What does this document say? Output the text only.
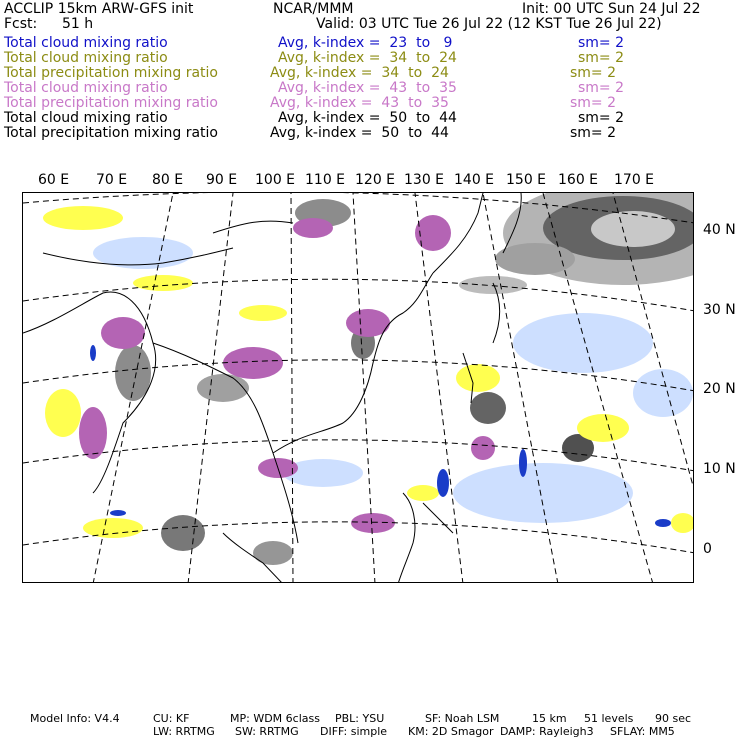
ACCLIP 15km ARW-GFS init	NCAR/MMM	Init: 00 UTC Sun 24 Jul 22
Fcst: 51 h	Valid: 03 UTC Tue 26 Jul 22 (12 KST Tue 26 Jul 22)
Total cloud mixing ratio	Avg, k-index = 23 to 9	sm= 2
Total cloud mixing ratio	Avg, k-index = 34 to 24	sm= 2
Total precipitation mixing ratio	Avg, k-index = 34 to 24	sm= 2
Total cloud mixing ratio	Avg, k-index = 43 to 35	sm= 2
Total precipitation mixing ratio	Avg, k-index = 43 to 35	sm= 2
Total cloud mixing ratio	Avg, k-index = 50 to 44	sm= 2
Total precipitation mixing ratio	Avg, k-index = 50 to 44	sm= 2
60 E 70 E 80 E 90 E 100 E 110 E 120 E 130 E 140 E 150 E 160 E 170 E
40 N
30 N
20 N
10 N
0
Model Info: V4.4	CU: KF	MP: WDM 6class PBL: YSU	SF: Noah LSM	15 km 51 levels 90 sec
LW: RRTMG SW: RRTMG DIFF: simple KM: 2D Smagor DAMP: Rayleigh3 SFLAY: MM5
